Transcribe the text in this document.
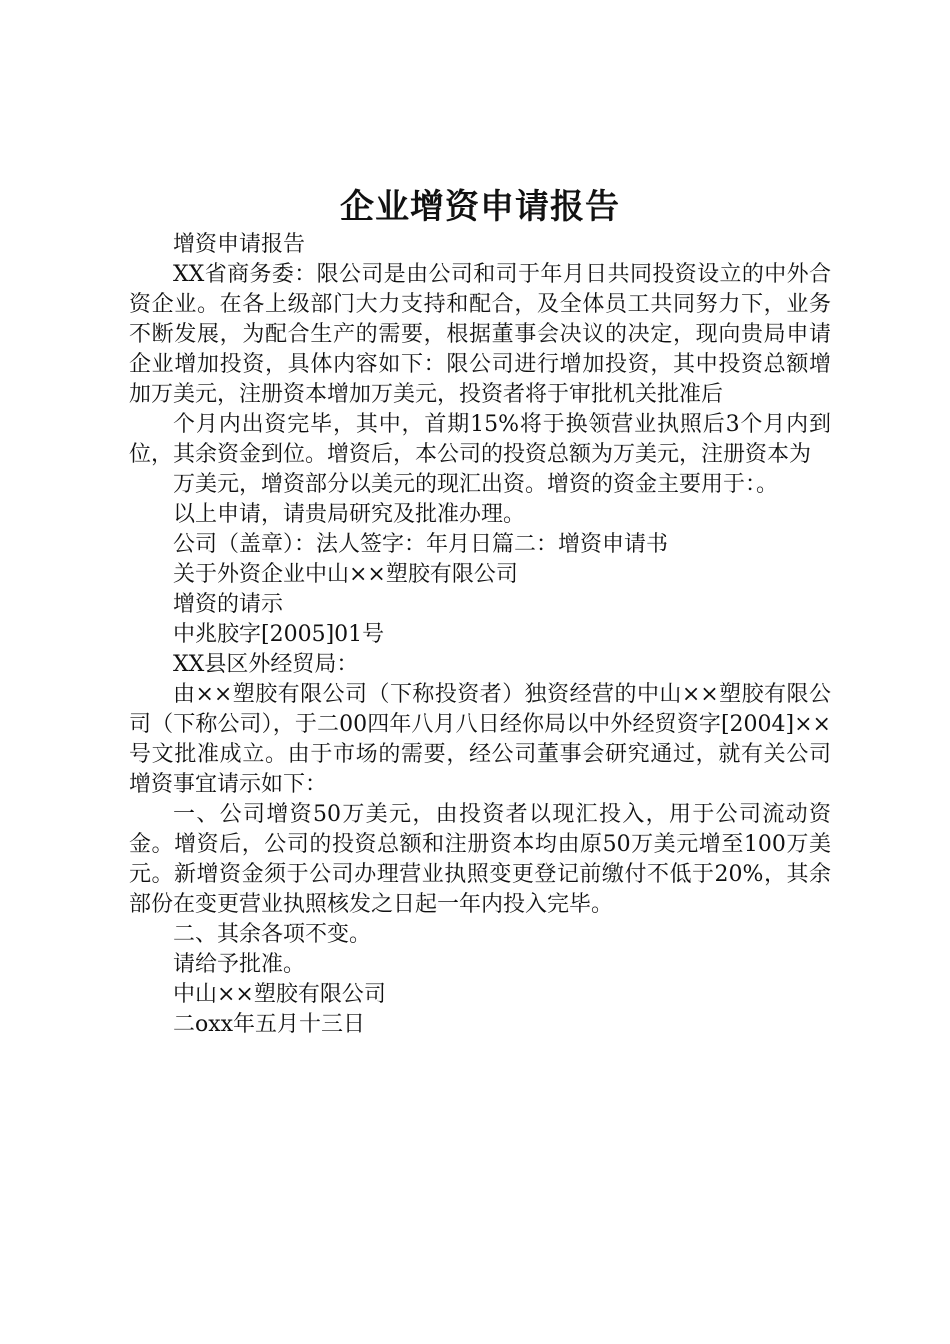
企业增资申请报告

增资申请报告

XX省商务委：限公司是由公司和司于年月日共同投资设立的中外合资企业。在各上级部门大力支持和配合，及全体员工共同努力下，业务不断发展，为配合生产的需要，根据董事会决议的决定，现向贵局申请企业增加投资，具体内容如下：限公司进行增加投资，其中投资总额增加万美元，注册资本增加万美元，投资者将于审批机关批准后

个月内出资完毕，其中，首期15%将于换领营业执照后3个月内到位，其余资金到位。增资后，本公司的投资总额为万美元，注册资本为

万美元，增资部分以美元的现汇出资。增资的资金主要用于：。

以上申请，请贵局研究及批准办理。

公司（盖章）：法人签字：年月日篇二：增资申请书

关于外资企业中山××塑胶有限公司

增资的请示

中兆胶字[2005]01号

XX县区外经贸局：

由××塑胶有限公司（下称投资者）独资经营的中山××塑胶有限公司（下称公司），于二00四年八月八日经你局以中外经贸资字[2004]××号文批准成立。由于市场的需要，经公司董事会研究通过，就有关公司增资事宜请示如下：

一、公司增资50万美元，由投资者以现汇投入，用于公司流动资金。增资后，公司的投资总额和注册资本均由原50万美元增至100万美元。新增资金须于公司办理营业执照变更登记前缴付不低于20%，其余部份在变更营业执照核发之日起一年内投入完毕。

二、其余各项不变。

请给予批准。

中山××塑胶有限公司

二oxx年五月十三日
